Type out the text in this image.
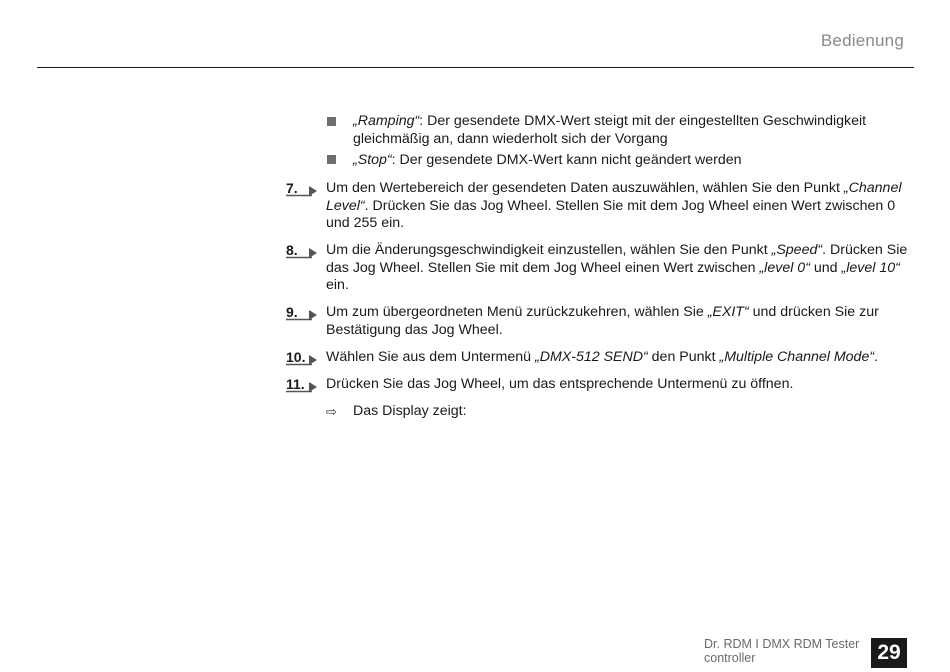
Bedienung
„Ramping“: Der gesendete DMX-Wert steigt mit der eingestellten Geschwindigkeit gleichmäßig an, dann wiederholt sich der Vorgang
„Stop“: Der gesendete DMX-Wert kann nicht geändert werden
7. Um den Wertebereich der gesendeten Daten auszuwählen, wählen Sie den Punkt „Channel Level“. Drücken Sie das Jog Wheel. Stellen Sie mit dem Jog Wheel einen Wert zwischen 0 und 255 ein.
8. Um die Änderungsgeschwindigkeit einzustellen, wählen Sie den Punkt „Speed“. Drücken Sie das Jog Wheel. Stellen Sie mit dem Jog Wheel einen Wert zwischen „level 0“ und „level 10“ ein.
9. Um zum übergeordneten Menü zurückzukehren, wählen Sie „EXIT“ und drücken Sie zur Bestätigung das Jog Wheel.
10. Wählen Sie aus dem Untermenü „DMX-512 SEND“ den Punkt „Multiple Channel Mode“.
11. Drücken Sie das Jog Wheel, um das entsprechende Untermenü zu öffnen.
⇨ Das Display zeigt:
Dr. RDM I DMX RDM Tester controller	29
